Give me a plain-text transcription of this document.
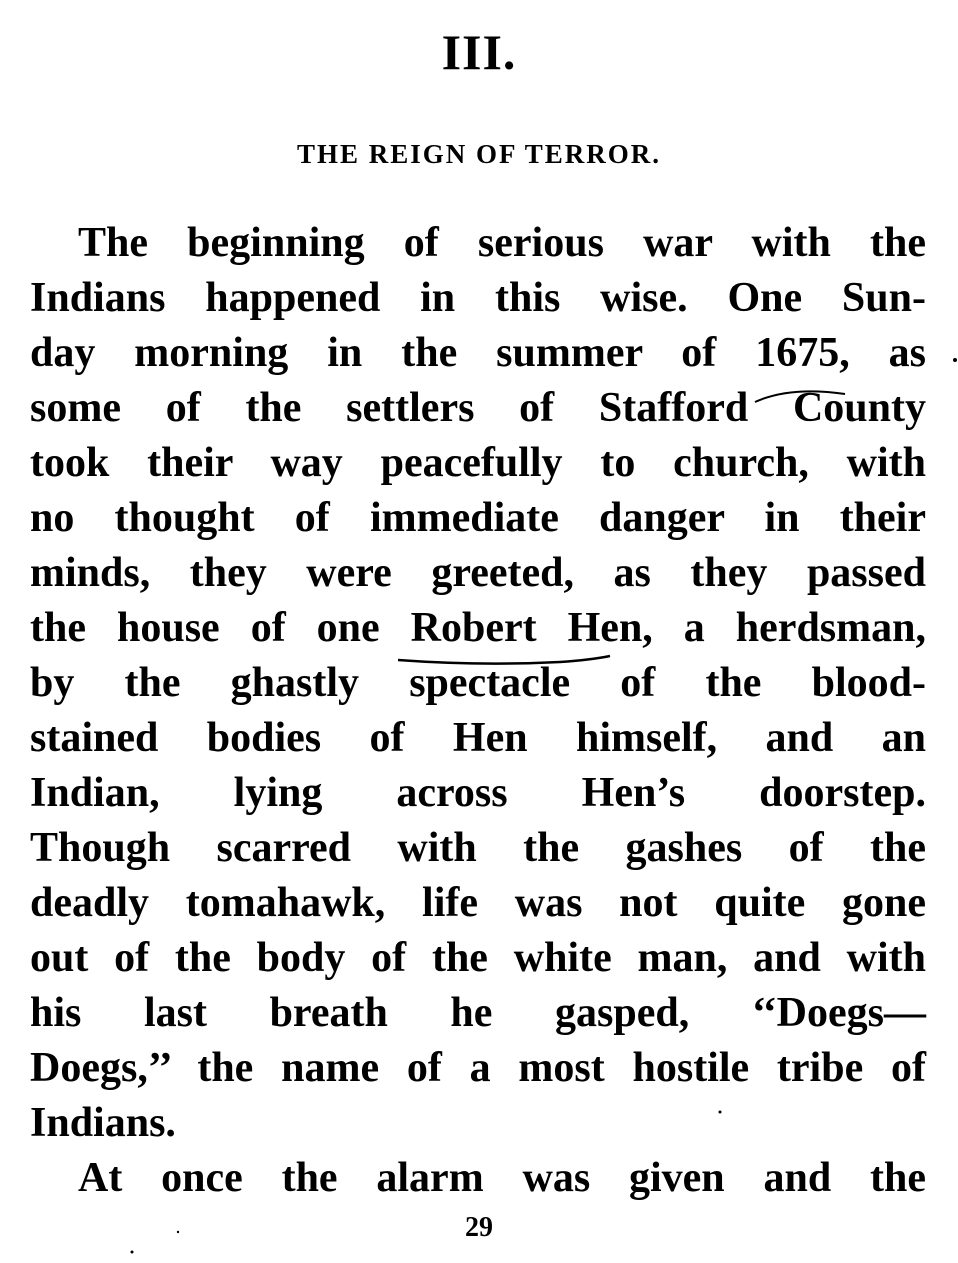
III.
THE REIGN OF TERROR.
The beginning of serious war with the
Indians happened in this wise. One Sun-
day morning in the summer of 1675, as
some of the settlers of Stafford County
took their way peacefully to church, with
no thought of immediate danger in their
minds, they were greeted, as they passed
the house of one Robert Hen, a herdsman,
by the ghastly spectacle of the blood-
stained bodies of Hen himself, and an
Indian, lying across Hen’s doorstep.
Though scarred with the gashes of the
deadly tomahawk, life was not quite gone
out of the body of the white man, and with
his last breath he gasped, ‘‘Doegs—
Doegs,’’ the name of a most hostile tribe of
Indians.
At once the alarm was given and the
29
